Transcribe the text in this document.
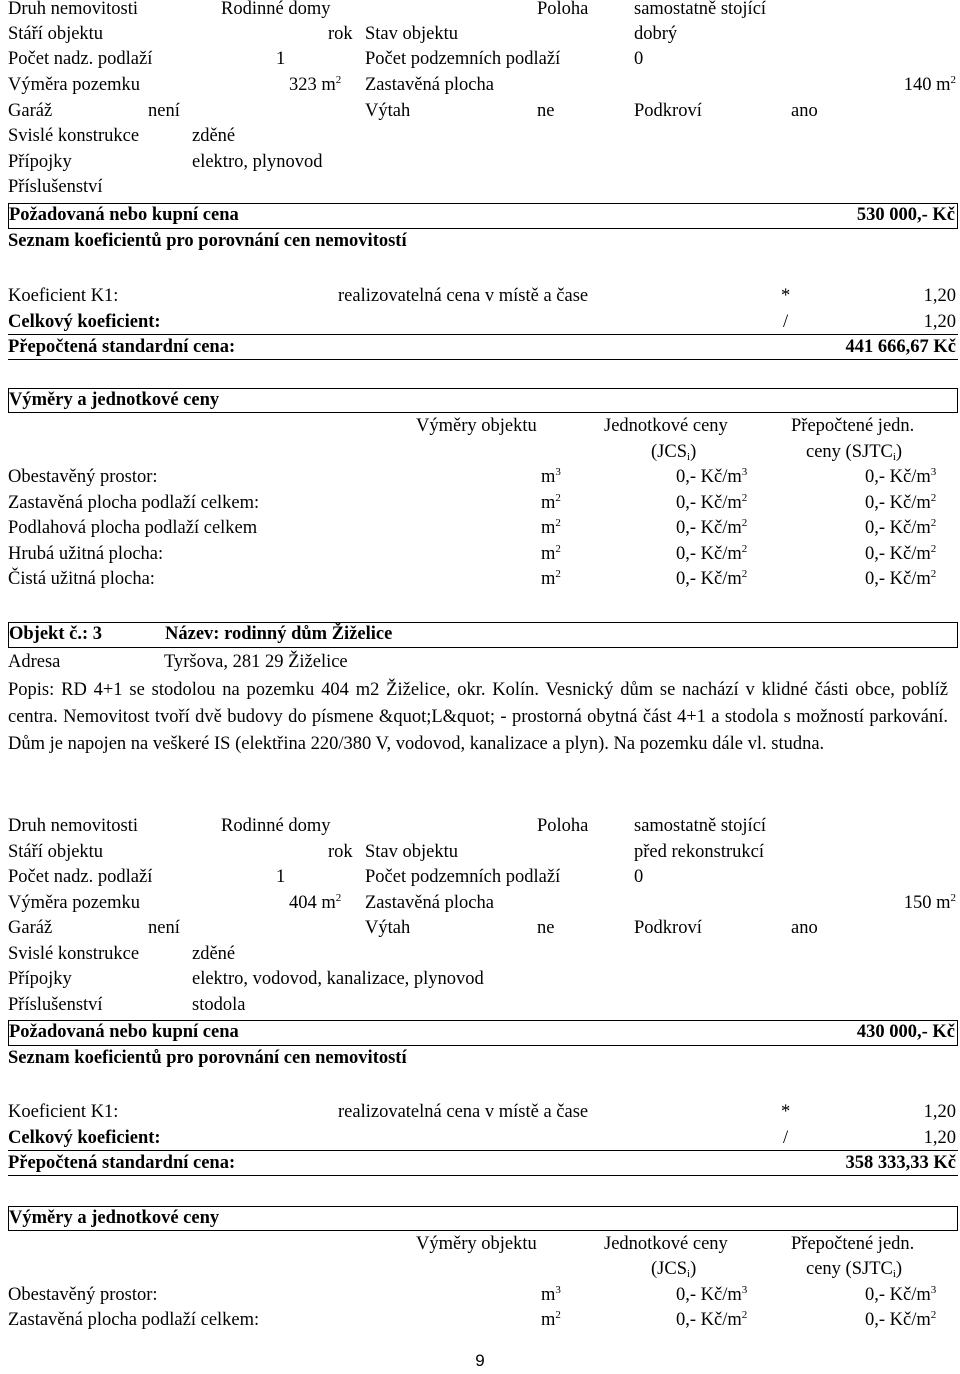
Druh nemovitosti	Rodinné domy	Poloha samostatně stojící
Stáří objektu	rok Stav objektu	dobrý
Počet nadz. podlaží	1	Počet podzemních podlaží	0
Výměra pozemku	323 $m^2$ Zastavěná plocha	140 $m^2$
Garáž	není	Výtah	ne	Podkroví	ano
Svislé konstrukce	zděné
Přípojky	elektro, plynovod
Příslušenství
Požadovaná nebo kupní cena	530 000,- Kč
Seznam koeficientů pro porovnání cen nemovitostí
Koeficient K1:	realizovatelná cena v místě a čase	*	1,20
Celkový koeficient:	/	1,20
Přepočtená standardní cena:	441 666,67 Kč
Výměry a jednotkové ceny
Výměry objektu	Jednotkové ceny	Přepočtené jedn.
$(JCS_i)$	ceny $(SJTC_i)$
Obestavěný prostor:	$m^3$	0,- $Kč/m^3$	0,- $Kč/m^3$
Zastavěná plocha podlaží celkem:	$m^2$	0,- $Kč/m^2$	0,- $Kč/m^2$
Podlahová plocha podlaží celkem	$m^2$	0,- $Kč/m^2$	0,- $Kč/m^2$
Hrubá užitná plocha:	$m^2$	0,- $Kč/m^2$	0,- $Kč/m^2$
Čistá užitná plocha:	$m^2$	0,- $Kč/m^2$	0,- $Kč/m^2$
Objekt č.: 3	Název: rodinný dům Žiželice
Adresa	Tyršova, 281 29 Žiželice
Popis: RD 4+1 se stodolou na pozemku 404 m2 Žiželice, okr. Kolín. Vesnický dům se nachází v klidné části obce, poblíž centra. Nemovitost tvoří dvě budovy do písmene &quot;L&quot; - prostorná obytná část 4+1 a stodola s možností parkování. Dům je napojen na veškeré IS (elektřina 220/380 V, vodovod, kanalizace a plyn). Na pozemku dále vl. studna.
Druh nemovitosti	Rodinné domy	Poloha samostatně stojící
Stáří objektu	rok Stav objektu	před rekonstrukcí
Počet nadz. podlaží	1	Počet podzemních podlaží	0
Výměra pozemku	404 $m^2$ Zastavěná plocha	150 $m^2$
Garáž	není	Výtah	ne	Podkroví	ano
Svislé konstrukce	zděné
Přípojky	elektro, vodovod, kanalizace, plynovod
Příslušenství	stodola
Požadovaná nebo kupní cena	430 000,- Kč
Seznam koeficientů pro porovnání cen nemovitostí
Koeficient K1:	realizovatelná cena v místě a čase	*	1,20
Celkový koeficient:	/	1,20
Přepočtená standardní cena:	358 333,33 Kč
Výměry a jednotkové ceny
Výměry objektu	Jednotkové ceny	Přepočtené jedn.
$(JCS_i)$	ceny $(SJTC_i)$
Obestavěný prostor:	$m^3$	0,- $Kč/m^3$	0,- $Kč/m^3$
Zastavěná plocha podlaží celkem:	$m^2$	0,- $Kč/m^2$	0,- $Kč/m^2$
9
